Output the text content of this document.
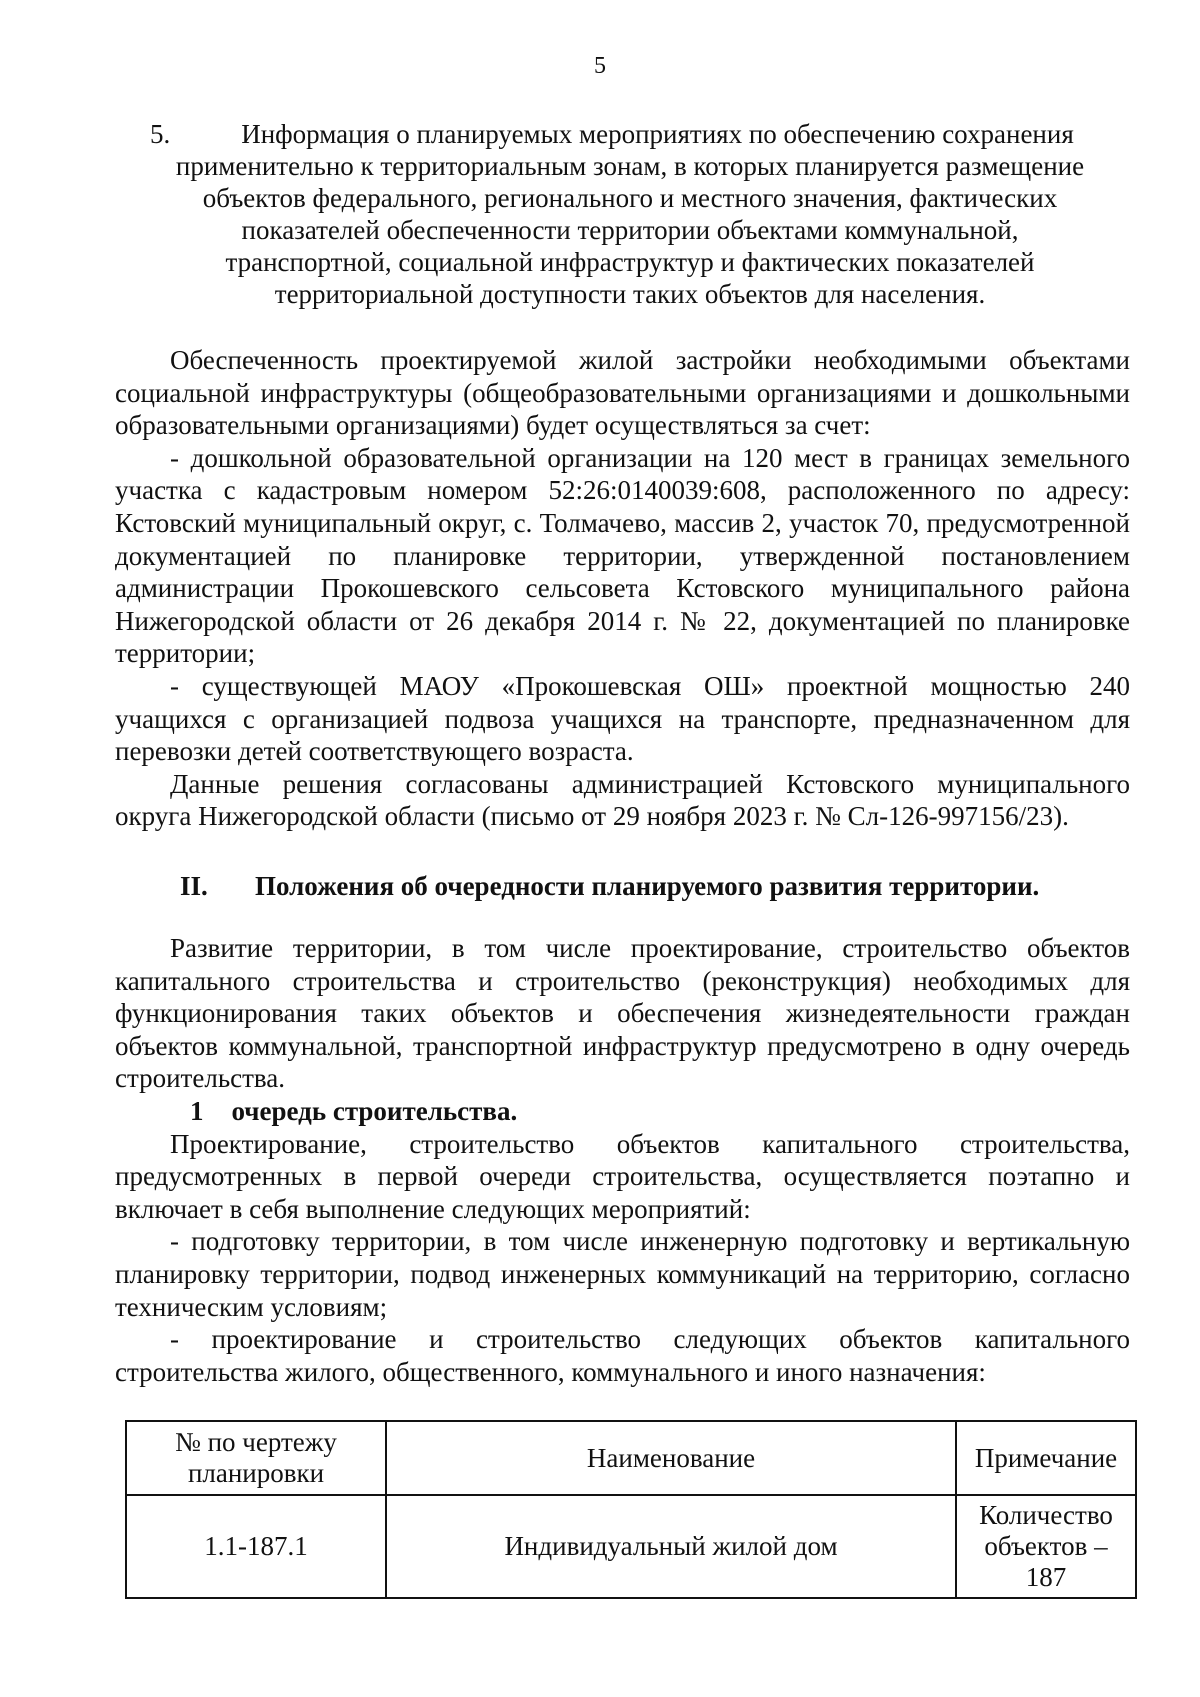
5
5.	Информация о планируемых мероприятиях по обеспечению сохранения

применительно к территориальным зонам, в которых планируется размещение

объектов федерального, регионального и местного значения, фактических

показателей обеспеченности территории объектами коммунальной,

транспортной, социальной инфраструктур и фактических показателей

территориальной доступности таких объектов для населения.

Обеспеченность проектируемой жилой застройки необходимыми объектами социальной инфраструктуры (общеобразовательными организациями и дошкольными образовательными организациями) будет осуществляться за счет:

- дошкольной образовательной организации на 120 мест в границах земельного участка с кадастровым номером 52:26:0140039:608, расположенного по адресу: Кстовский муниципальный округ, с. Толмачево, массив 2, участок 70, предусмотренной документацией по планировке территории, утвержденной постановлением администрации Прокошевского сельсовета Кстовского муниципального района Нижегородской области от 26 декабря 2014 г. № 22, документацией по планировке территории;

- существующей МАОУ «Прокошевская ОШ» проектной мощностью 240 учащихся с организацией подвоза учащихся на транспорте, предназначенном для перевозки детей соответствующего возраста.

Данные решения согласованы администрацией Кстовского муниципального округа Нижегородской области (письмо от 29 ноября 2023 г. № Сл-126-997156/23).

II. Положения об очередности планируемого развития территории.

Развитие территории, в том числе проектирование, строительство объектов капитального строительства и строительство (реконструкция) необходимых для функционирования таких объектов и обеспечения жизнедеятельности граждан объектов коммунальной, транспортной инфраструктур предусмотрено в одну очередь строительства.

1 очередь строительства.

Проектирование, строительство объектов капитального строительства, предусмотренных в первой очереди строительства, осуществляется поэтапно и включает в себя выполнение следующих мероприятий:

- подготовку территории, в том числе инженерную подготовку и вертикальную планировку территории, подвод инженерных коммуникаций на территорию, согласно техническим условиям;

- проектирование и строительство следующих объектов капитального строительства жилого, общественного, коммунального и иного назначения:

№ по чертежу планировки	Наименование	Примечание
1.1-187.1	Индивидуальный жилой дом	Количество объектов – 187
